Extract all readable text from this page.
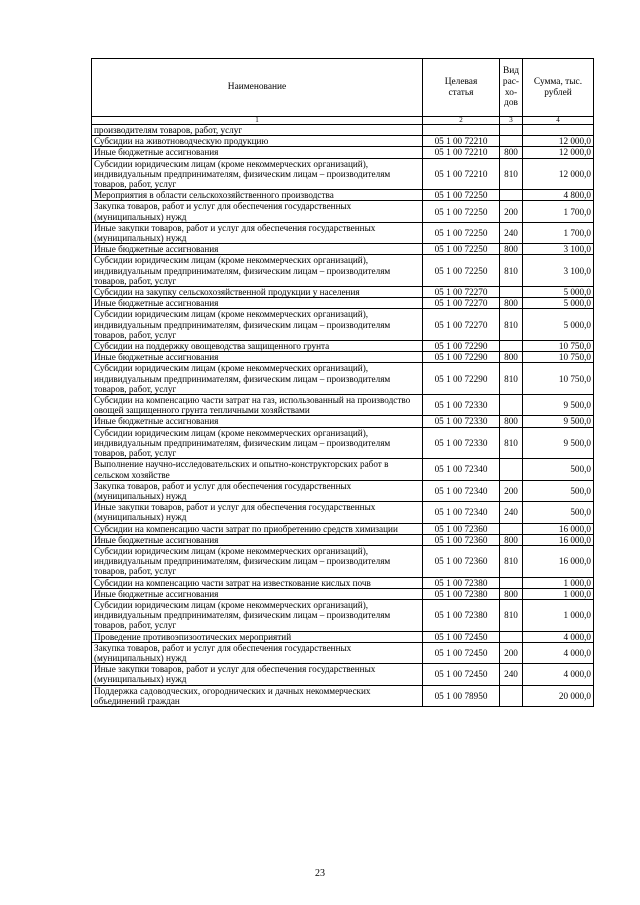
Наименование	Целевая статья	Вид рас- хо- дов	Сумма, тыс. рублей
1	2	3	4
производителям товаров, работ, услуг			
Субсидии на животноводческую продукцию	05 1 00 72210		12 000,0
Иные бюджетные ассигнования	05 1 00 72210	800	12 000,0
Субсидии юридическим лицам (кроме некоммерческих организаций), индивидуальным предпринимателям, физическим лицам – производителям товаров, работ, услуг	05 1 00 72210	810	12 000,0
Мероприятия в области сельскохозяйственного производства	05 1 00 72250		4 800,0
Закупка товаров, работ и услуг для обеспечения государственных (муниципальных) нужд	05 1 00 72250	200	1 700,0
Иные закупки товаров, работ и услуг для обеспечения государственных (муниципальных) нужд	05 1 00 72250	240	1 700,0
Иные бюджетные ассигнования	05 1 00 72250	800	3 100,0
Субсидии юридическим лицам (кроме некоммерческих организаций), индивидуальным предпринимателям, физическим лицам – производителям товаров, работ, услуг	05 1 00 72250	810	3 100,0
Субсидии на закупку сельскохозяйственной продукции у населения	05 1 00 72270		5 000,0
Иные бюджетные ассигнования	05 1 00 72270	800	5 000,0
Субсидии юридическим лицам (кроме некоммерческих организаций), индивидуальным предпринимателям, физическим лицам – производителям товаров, работ, услуг	05 1 00 72270	810	5 000,0
Субсидии на поддержку овощеводства защищенного грунта	05 1 00 72290		10 750,0
Иные бюджетные ассигнования	05 1 00 72290	800	10 750,0
Субсидии юридическим лицам (кроме некоммерческих организаций), индивидуальным предпринимателям, физическим лицам – производителям товаров, работ, услуг	05 1 00 72290	810	10 750,0
Субсидии на компенсацию части затрат на газ, использованный на производство овощей защищенного грунта тепличными хозяйствами	05 1 00 72330		9 500,0
Иные бюджетные ассигнования	05 1 00 72330	800	9 500,0
Субсидии юридическим лицам (кроме некоммерческих организаций), индивидуальным предпринимателям, физическим лицам – производителям товаров, работ, услуг	05 1 00 72330	810	9 500,0
Выполнение научно-исследовательских и опытно-конструкторских работ в сельском хозяйстве	05 1 00 72340		500,0
Закупка товаров, работ и услуг для обеспечения государственных (муниципальных) нужд	05 1 00 72340	200	500,0
Иные закупки товаров, работ и услуг для обеспечения государственных (муниципальных) нужд	05 1 00 72340	240	500,0
Субсидии на компенсацию части затрат по приобретению средств химизации	05 1 00 72360		16 000,0
Иные бюджетные ассигнования	05 1 00 72360	800	16 000,0
Субсидии юридическим лицам (кроме некоммерческих организаций), индивидуальным предпринимателям, физическим лицам – производителям товаров, работ, услуг	05 1 00 72360	810	16 000,0
Субсидии на компенсацию части затрат на известкование кислых почв	05 1 00 72380		1 000,0
Иные бюджетные ассигнования	05 1 00 72380	800	1 000,0
Субсидии юридическим лицам (кроме некоммерческих организаций), индивидуальным предпринимателям, физическим лицам – производителям товаров, работ, услуг	05 1 00 72380	810	1 000,0
Проведение противоэпизоотических мероприятий	05 1 00 72450		4 000,0
Закупка товаров, работ и услуг для обеспечения государственных (муниципальных) нужд	05 1 00 72450	200	4 000,0
Иные закупки товаров, работ и услуг для обеспечения государственных (муниципальных) нужд	05 1 00 72450	240	4 000,0
Поддержка садоводческих, огороднических и дачных некоммерческих объединений граждан	05 1 00 78950		20 000,0
23
